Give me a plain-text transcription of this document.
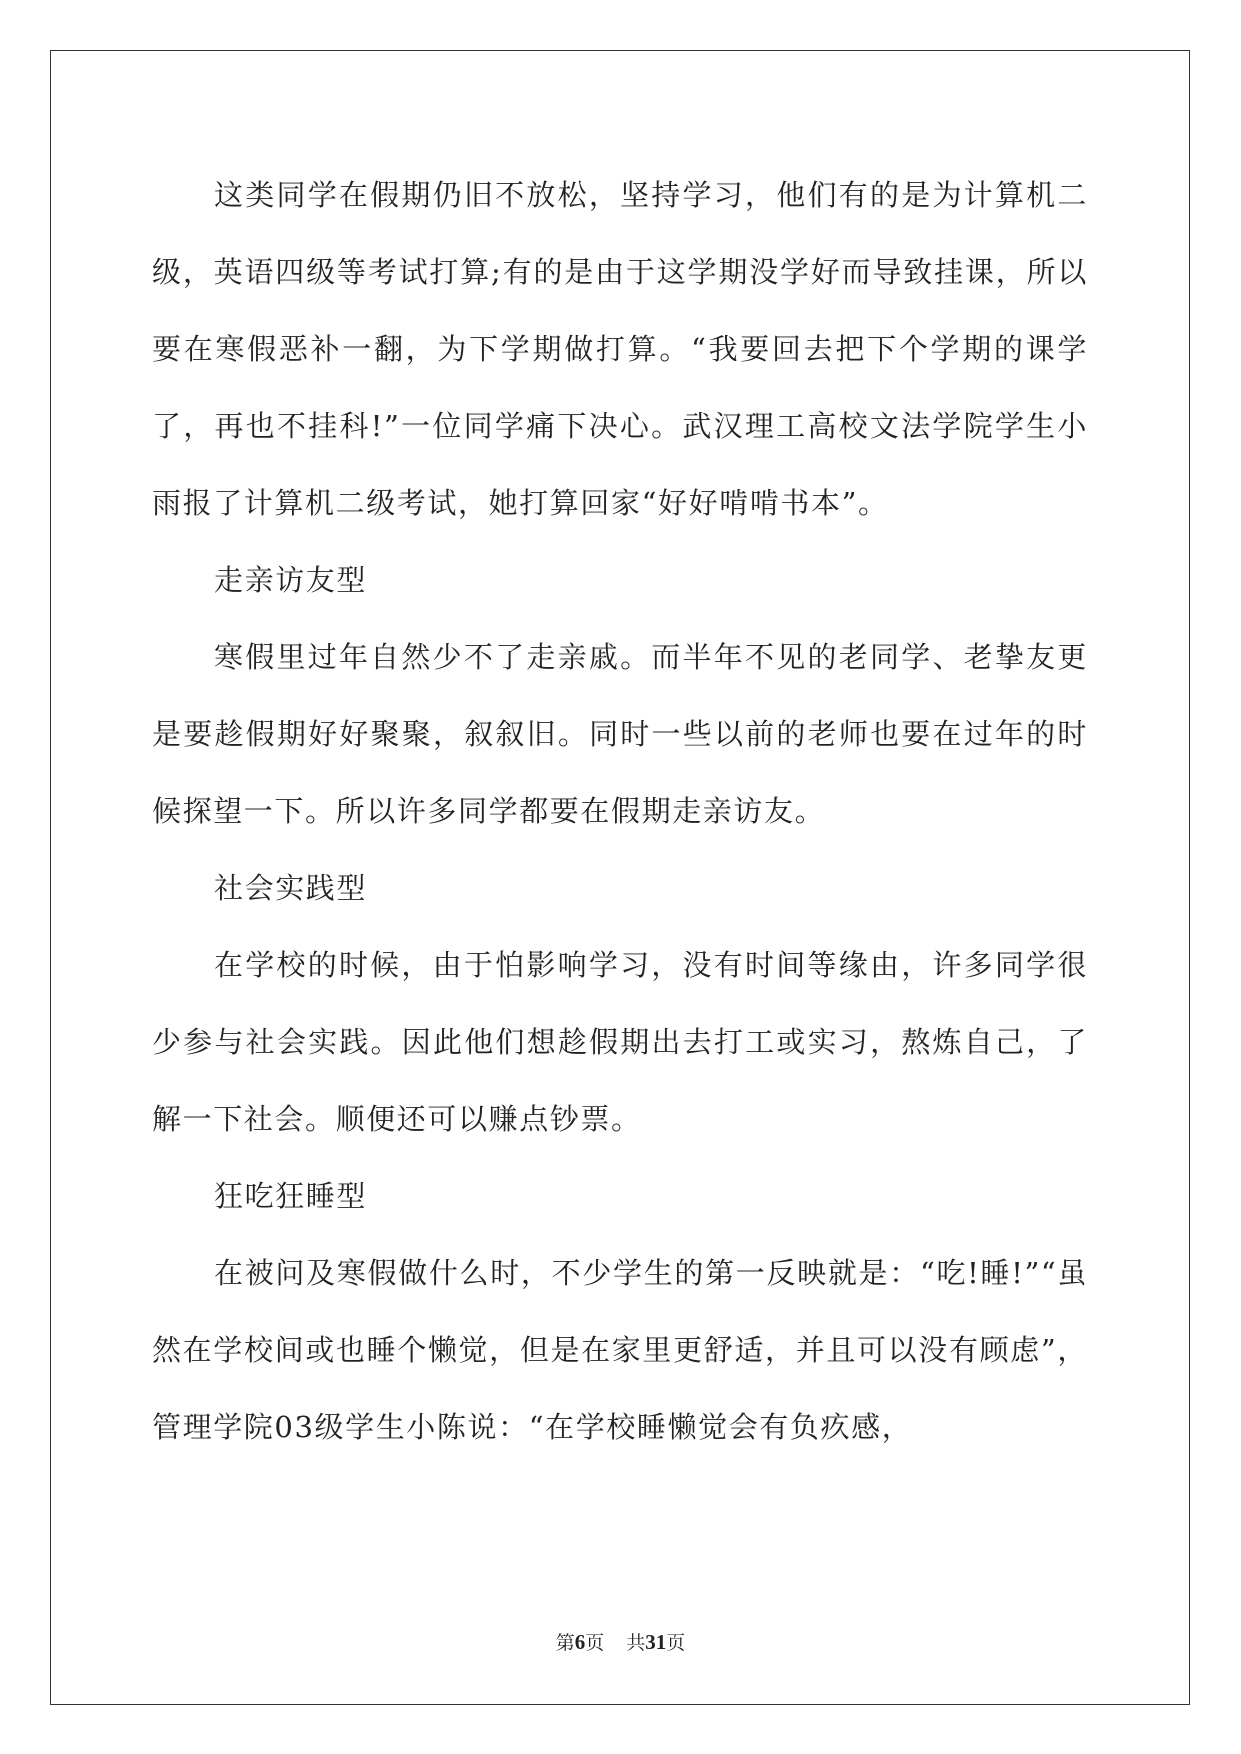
这类同学在假期仍旧不放松，坚持学习，他们有的是为计算机二级，英语四级等考试打算;有的是由于这学期没学好而导致挂课，所以要在寒假恶补一翻，为下学期做打算。“我要回去把下个学期的课学了，再也不挂科!”一位同学痛下决心。武汉理工高校文法学院学生小雨报了计算机二级考试，她打算回家“好好啃啃书本”。

走亲访友型

寒假里过年自然少不了走亲戚。而半年不见的老同学、老挚友更是要趁假期好好聚聚，叙叙旧。同时一些以前的老师也要在过年的时候探望一下。所以许多同学都要在假期走亲访友。

社会实践型

在学校的时候，由于怕影响学习，没有时间等缘由，许多同学很少参与社会实践。因此他们想趁假期出去打工或实习，熬炼自己，了解一下社会。顺便还可以赚点钞票。

狂吃狂睡型

在被问及寒假做什么时，不少学生的第一反映就是：“吃!睡!”“虽然在学校间或也睡个懒觉，但是在家里更舒适，并且可以没有顾虑”，管理学院03级学生小陈说：“在学校睡懒觉会有负疚感，

第6页 共31页
